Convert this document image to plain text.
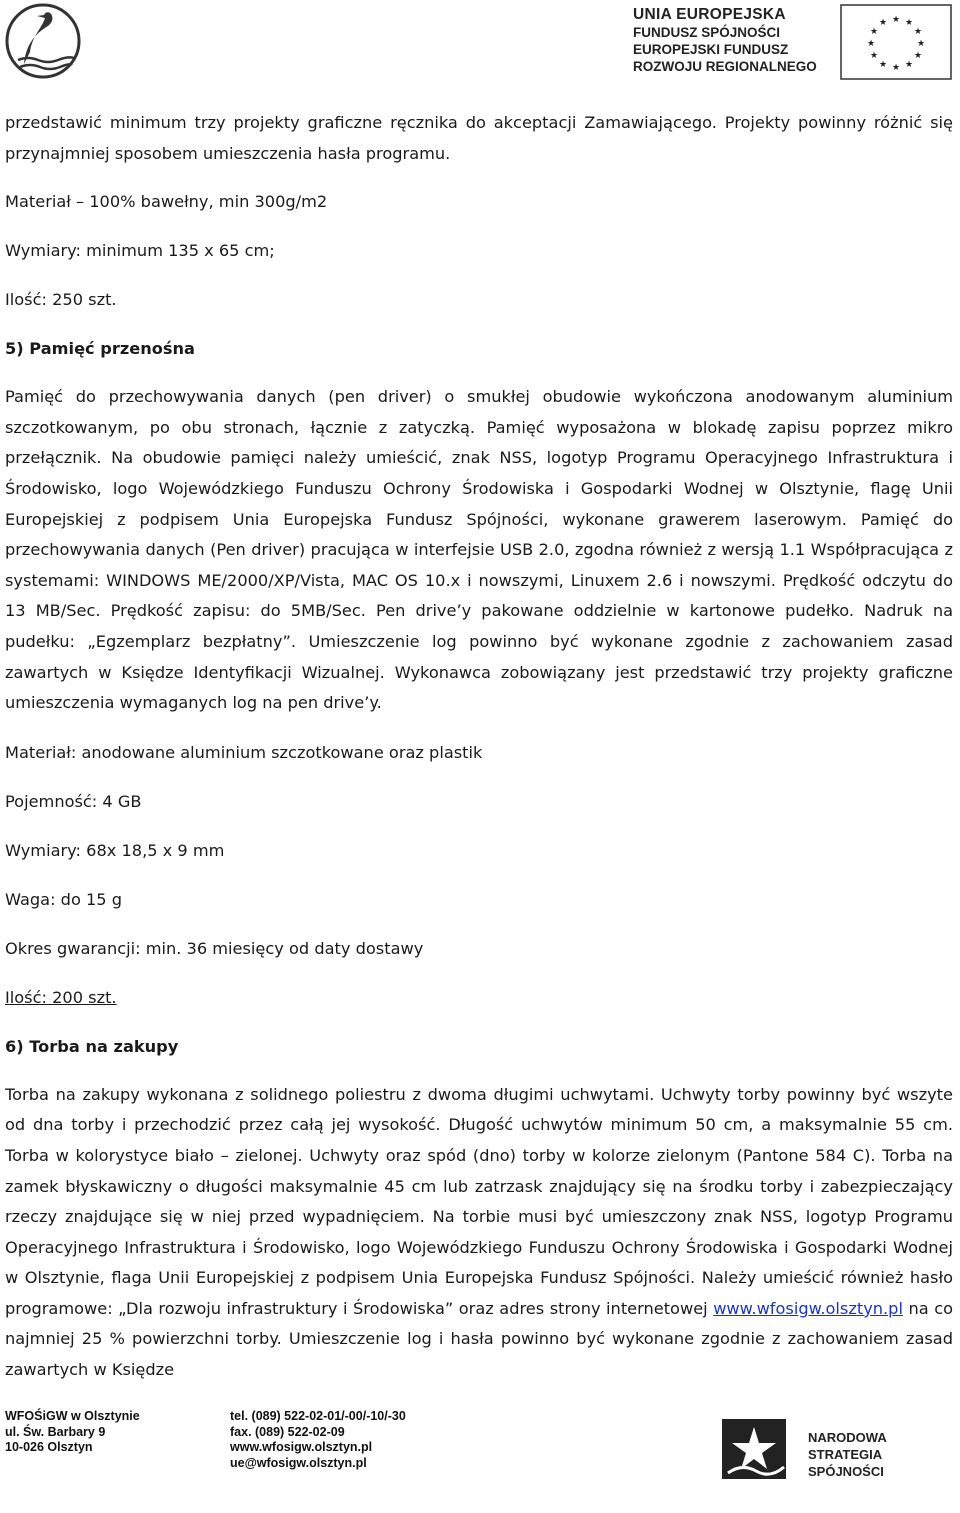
UNIA EUROPEJSKA
FUNDUSZ SPÓJNOŚCI
EUROPEJSKI FUNDUSZ
ROZWOJU REGIONALNEGO
★ ★
★
★
★
★
★
★
★
★
★
★

przedstawić minimum trzy projekty graficzne ręcznika do akceptacji Zamawiającego. Projekty powinny różnić się przynajmniej sposobem umieszczenia hasła programu.

Materiał – 100% bawełny, min 300g/m2

Wymiary: minimum 135 x 65 cm;

Ilość: 250 szt.

5) Pamięć przenośna

Pamięć do przechowywania danych (pen driver) o smukłej obudowie wykończona anodowanym aluminium szczotkowanym, po obu stronach, łącznie z zatyczką. Pamięć wyposażona w blokadę zapisu poprzez mikro przełącznik. Na obudowie pamięci należy umieścić, znak NSS, logotyp Programu Operacyjnego Infrastruktura i Środowisko, logo Wojewódzkiego Funduszu Ochrony Środowiska i Gospodarki Wodnej w Olsztynie, flagę Unii Europejskiej z podpisem Unia Europejska Fundusz Spójności, wykonane grawerem laserowym. Pamięć do przechowywania danych (Pen driver) pracująca w interfejsie USB 2.0, zgodna również z wersją 1.1 Współpracująca z systemami: WINDOWS ME/2000/XP/Vista, MAC OS 10.x i nowszymi, Linuxem 2.6 i nowszymi. Prędkość odczytu do 13 MB/Sec. Prędkość zapisu: do 5MB/Sec. Pen drive’y pakowane oddzielnie w kartonowe pudełko. Nadruk na pudełku: „Egzemplarz bezpłatny”. Umieszczenie log powinno być wykonane zgodnie z zachowaniem zasad zawartych w Księdze Identyfikacji Wizualnej. Wykonawca zobowiązany jest przedstawić trzy projekty graficzne umieszczenia wymaganych log na pen drive’y.

Materiał: anodowane aluminium szczotkowane oraz plastik

Pojemność: 4 GB

Wymiary: 68x 18,5 x 9 mm

Waga: do 15 g

Okres gwarancji: min. 36 miesięcy od daty dostawy

Ilość: 200 szt.

6) Torba na zakupy

Torba na zakupy wykonana z solidnego poliestru z dwoma długimi uchwytami. Uchwyty torby powinny być wszyte od dna torby i przechodzić przez całą jej wysokość. Długość uchwytów minimum 50 cm, a maksymalnie 55 cm. Torba w kolorystyce biało – zielonej. Uchwyty oraz spód (dno) torby w kolorze zielonym (Pantone 584 C). Torba na zamek błyskawiczny o długości maksymalnie 45 cm lub zatrzask znajdujący się na środku torby i zabezpieczający rzeczy znajdujące się w niej przed wypadnięciem. Na torbie musi być umieszczony znak NSS, logotyp Programu Operacyjnego Infrastruktura i Środowisko, logo Wojewódzkiego Funduszu Ochrony Środowiska i Gospodarki Wodnej w Olsztynie, flaga Unii Europejskiej z podpisem Unia Europejska Fundusz Spójności. Należy umieścić również hasło programowe: „Dla rozwoju infrastruktury i Środowiska” oraz adres strony internetowej www.wfosigw.olsztyn.pl na co najmniej 25 % powierzchni torby. Umieszczenie log i hasła powinno być wykonane zgodnie z zachowaniem zasad zawartych w Księdze

WFOŚiGW w Olsztynie
ul. Św. Barbary 9
10-026 Olsztyn
tel. (089) 522-02-01/-00/-10/-30
fax. (089) 522-02-09
www.wfosigw.olsztyn.pl
ue@wfosigw.olsztyn.pl
NARODOWA
STRATEGIA SPÓJNOŚCI
